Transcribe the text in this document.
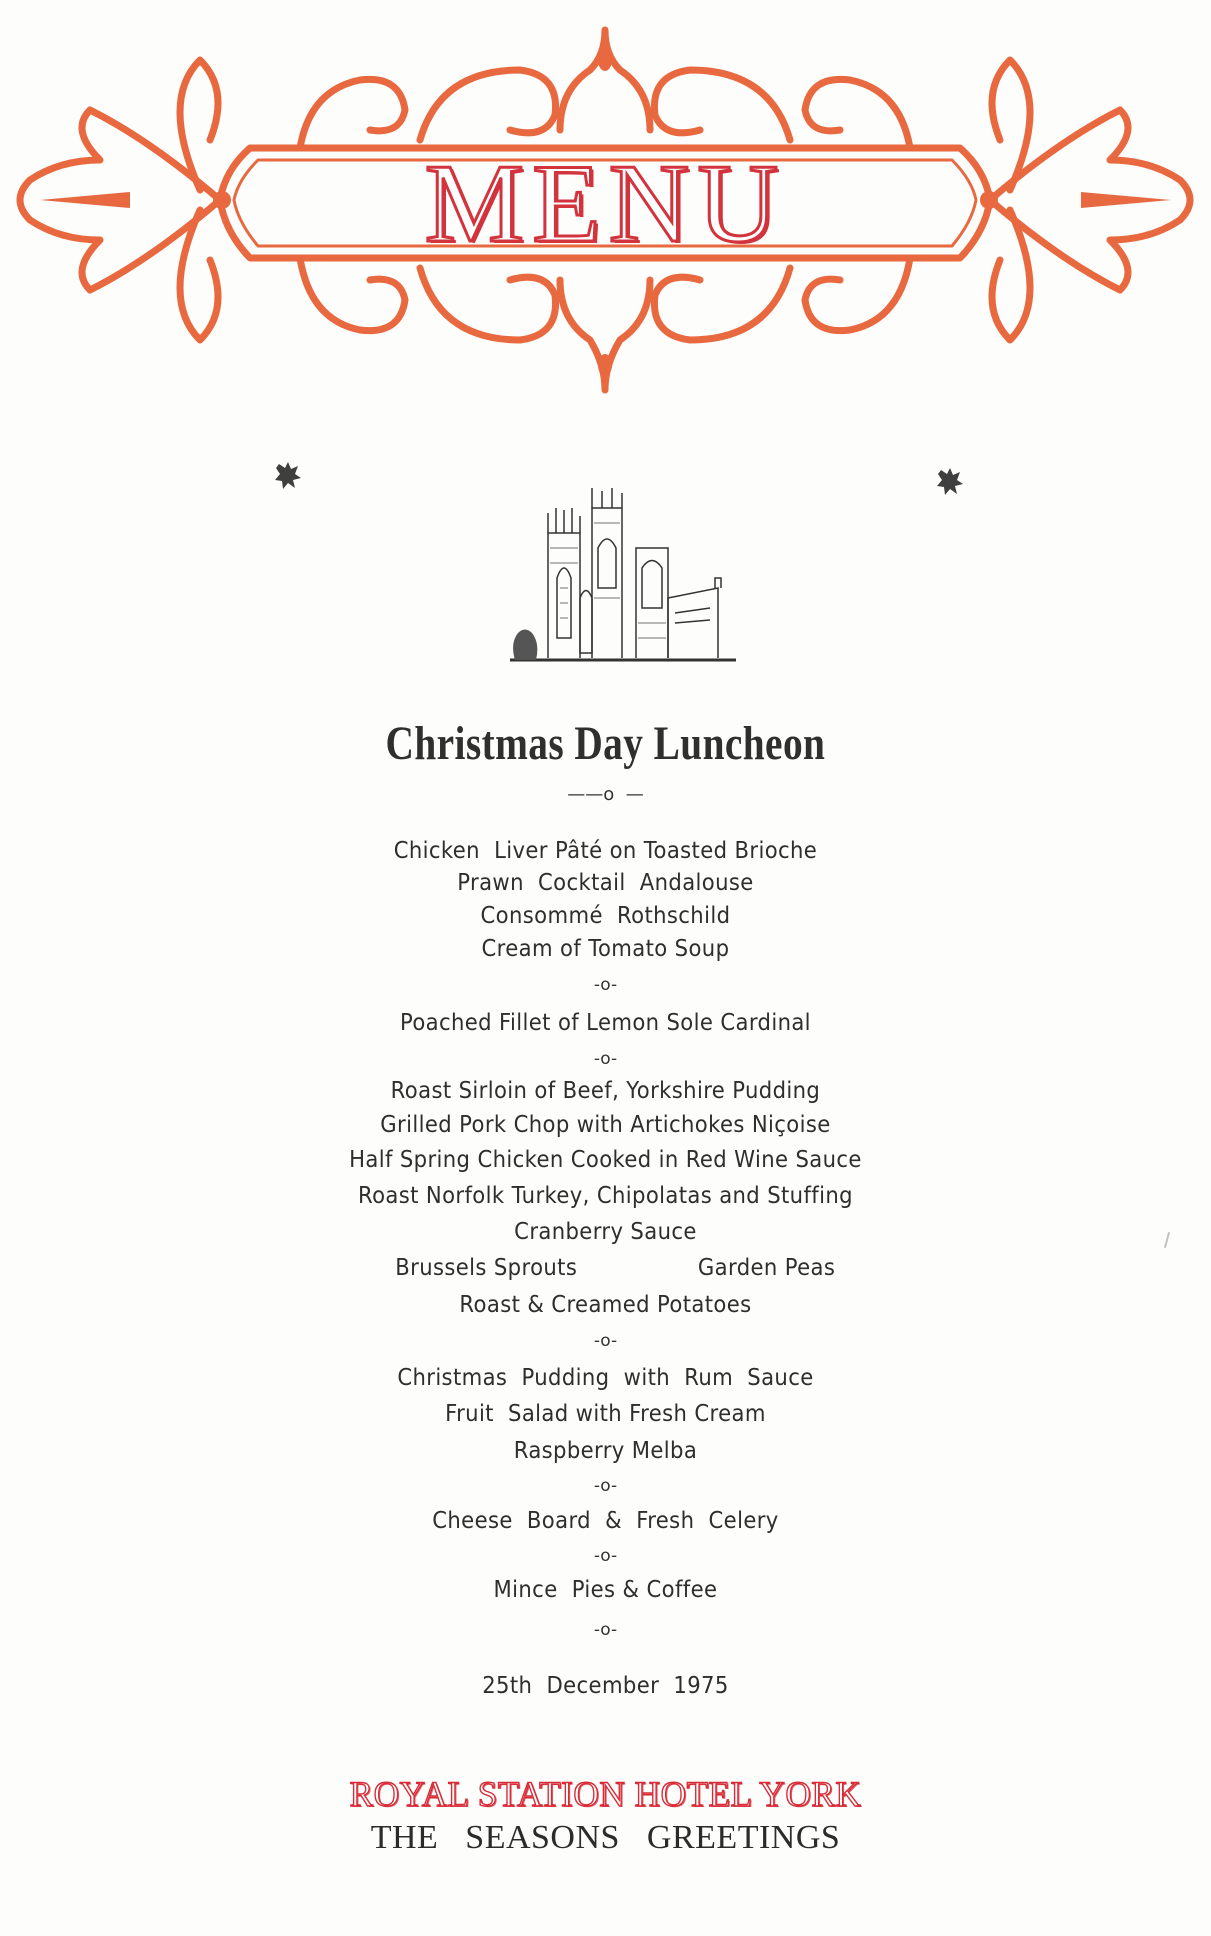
MENU
Christmas Day Luncheon
——o  —
Chicken  Liver Pâté on Toasted Brioche
Prawn  Cocktail  Andalouse
Consommé  Rothschild
Cream of Tomato Soup
-o-
Poached Fillet of Lemon Sole Cardinal
-o-
Roast Sirloin of Beef, Yorkshire Pudding
Grilled Pork Chop with Artichokes Niçoise
Half Spring Chicken Cooked in Red Wine Sauce
Roast Norfolk Turkey, Chipolatas and Stuffing
Cranberry Sauce
Brussels Sprouts	Garden Peas
Roast & Creamed Potatoes
-o-
Christmas  Pudding  with  Rum  Sauce
Fruit  Salad with Fresh Cream
Raspberry Melba
-o-
Cheese  Board  &  Fresh  Celery
-o-
Mince  Pies & Coffee
-o-
25th  December  1975
ROYAL STATION HOTEL YORK
THE   SEASONS   GREETINGS
